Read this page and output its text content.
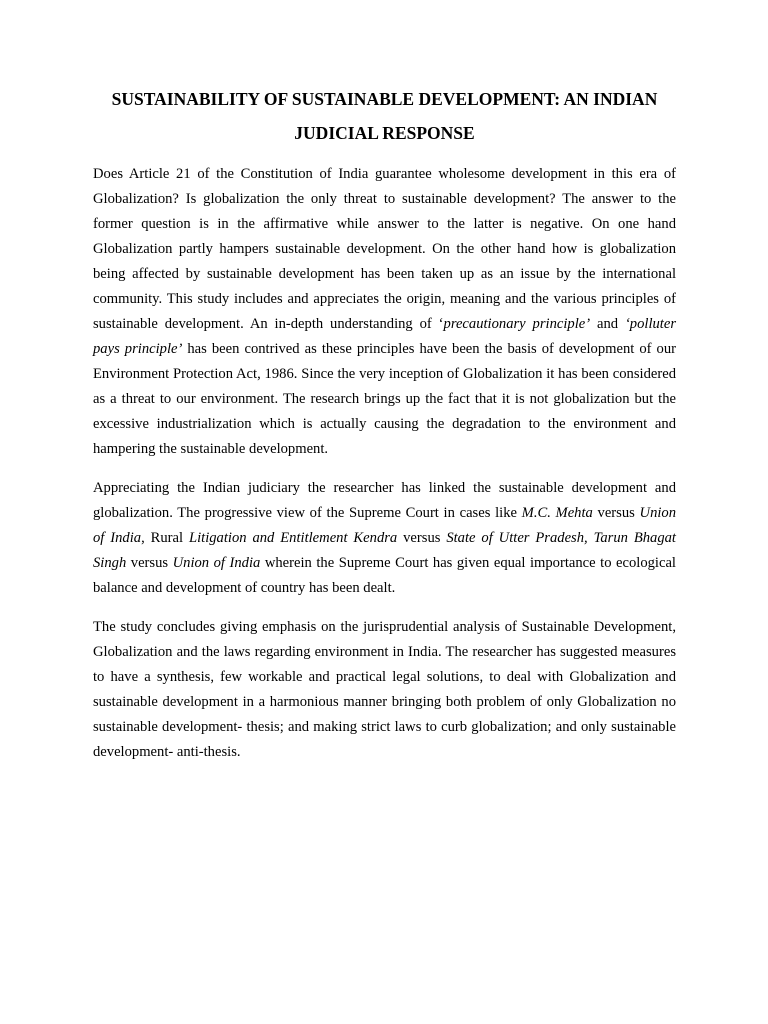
SUSTAINABILITY OF SUSTAINABLE DEVELOPMENT: AN INDIAN
JUDICIAL RESPONSE

Does Article 21 of the Constitution of India guarantee wholesome development in this era of Globalization? Is globalization the only threat to sustainable development? The answer to the former question is in the affirmative while answer to the latter is negative. On one hand Globalization partly hampers sustainable development. On the other hand how is globalization being affected by sustainable development has been taken up as an issue by the international community. This study includes and appreciates the origin, meaning and the various principles of sustainable development. An in-depth understanding of ‘precautionary principle’ and ‘polluter pays principle’ has been contrived as these principles have been the basis of development of our Environment Protection Act, 1986. Since the very inception of Globalization it has been considered as a threat to our environment. The research brings up the fact that it is not globalization but the excessive industrialization which is actually causing the degradation to the environment and hampering the sustainable development.

Appreciating the Indian judiciary the researcher has linked the sustainable development and globalization. The progressive view of the Supreme Court in cases like M.C. Mehta versus Union of India, Rural Litigation and Entitlement Kendra versus State of Utter Pradesh, Tarun Bhagat Singh versus Union of India wherein the Supreme Court has given equal importance to ecological balance and development of country has been dealt.

The study concludes giving emphasis on the jurisprudential analysis of Sustainable Development, Globalization and the laws regarding environment in India. The researcher has suggested measures to have a synthesis, few workable and practical legal solutions, to deal with Globalization and sustainable development in a harmonious manner bringing both problem of only Globalization no sustainable development- thesis; and making strict laws to curb globalization; and only sustainable development- anti-thesis.
